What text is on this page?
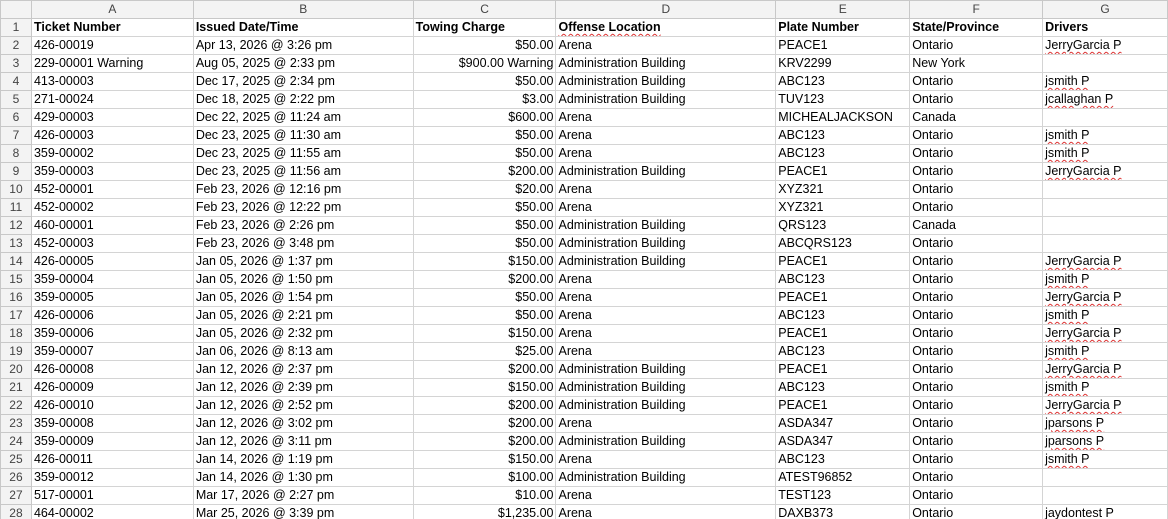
	A	B	C	D	E	F	G
1	Ticket Number	Issued Date/Time	Towing Charge	Offense Location	Plate Number	State/Province	Drivers
2	426-00019	Apr 13, 2026 @ 3:26 pm	$50.00	Arena	PEACE1	Ontario	JerryGarcia P
3	229-00001 Warning	Aug 05, 2025 @ 2:33 pm	$900.00 Warning	Administration Building	KRV2299	New York	
4	413-00003	Dec 17, 2025 @ 2:34 pm	$50.00	Administration Building	ABC123	Ontario	jsmith P
5	271-00024	Dec 18, 2025 @ 2:22 pm	$3.00	Administration Building	TUV123	Ontario	jcallaghan P
6	429-00003	Dec 22, 2025 @ 11:24 am	$600.00	Arena	MICHEALJACKSON	Canada	
7	426-00003	Dec 23, 2025 @ 11:30 am	$50.00	Arena	ABC123	Ontario	jsmith P
8	359-00002	Dec 23, 2025 @ 11:55 am	$50.00	Arena	ABC123	Ontario	jsmith P
9	359-00003	Dec 23, 2025 @ 11:56 am	$200.00	Administration Building	PEACE1	Ontario	JerryGarcia P
10	452-00001	Feb 23, 2026 @ 12:16 pm	$20.00	Arena	XYZ321	Ontario	
11	452-00002	Feb 23, 2026 @ 12:22 pm	$50.00	Arena	XYZ321	Ontario	
12	460-00001	Feb 23, 2026 @ 2:26 pm	$50.00	Administration Building	QRS123	Canada	
13	452-00003	Feb 23, 2026 @ 3:48 pm	$50.00	Administration Building	ABCQRS123	Ontario	
14	426-00005	Jan 05, 2026 @ 1:37 pm	$150.00	Administration Building	PEACE1	Ontario	JerryGarcia P
15	359-00004	Jan 05, 2026 @ 1:50 pm	$200.00	Arena	ABC123	Ontario	jsmith P
16	359-00005	Jan 05, 2026 @ 1:54 pm	$50.00	Arena	PEACE1	Ontario	JerryGarcia P
17	426-00006	Jan 05, 2026 @ 2:21 pm	$50.00	Arena	ABC123	Ontario	jsmith P
18	359-00006	Jan 05, 2026 @ 2:32 pm	$150.00	Arena	PEACE1	Ontario	JerryGarcia P
19	359-00007	Jan 06, 2026 @ 8:13 am	$25.00	Arena	ABC123	Ontario	jsmith P
20	426-00008	Jan 12, 2026 @ 2:37 pm	$200.00	Administration Building	PEACE1	Ontario	JerryGarcia P
21	426-00009	Jan 12, 2026 @ 2:39 pm	$150.00	Administration Building	ABC123	Ontario	jsmith P
22	426-00010	Jan 12, 2026 @ 2:52 pm	$200.00	Administration Building	PEACE1	Ontario	JerryGarcia P
23	359-00008	Jan 12, 2026 @ 3:02 pm	$200.00	Arena	ASDA347	Ontario	jparsons P
24	359-00009	Jan 12, 2026 @ 3:11 pm	$200.00	Administration Building	ASDA347	Ontario	jparsons P
25	426-00011	Jan 14, 2026 @ 1:19 pm	$150.00	Arena	ABC123	Ontario	jsmith P
26	359-00012	Jan 14, 2026 @ 1:30 pm	$100.00	Administration Building	ATEST96852	Ontario	
27	517-00001	Mar 17, 2026 @ 2:27 pm	$10.00	Arena	TEST123	Ontario	
28	464-00002	Mar 25, 2026 @ 3:39 pm	$1,235.00	Arena	DAXB373	Ontario	jaydontest P
